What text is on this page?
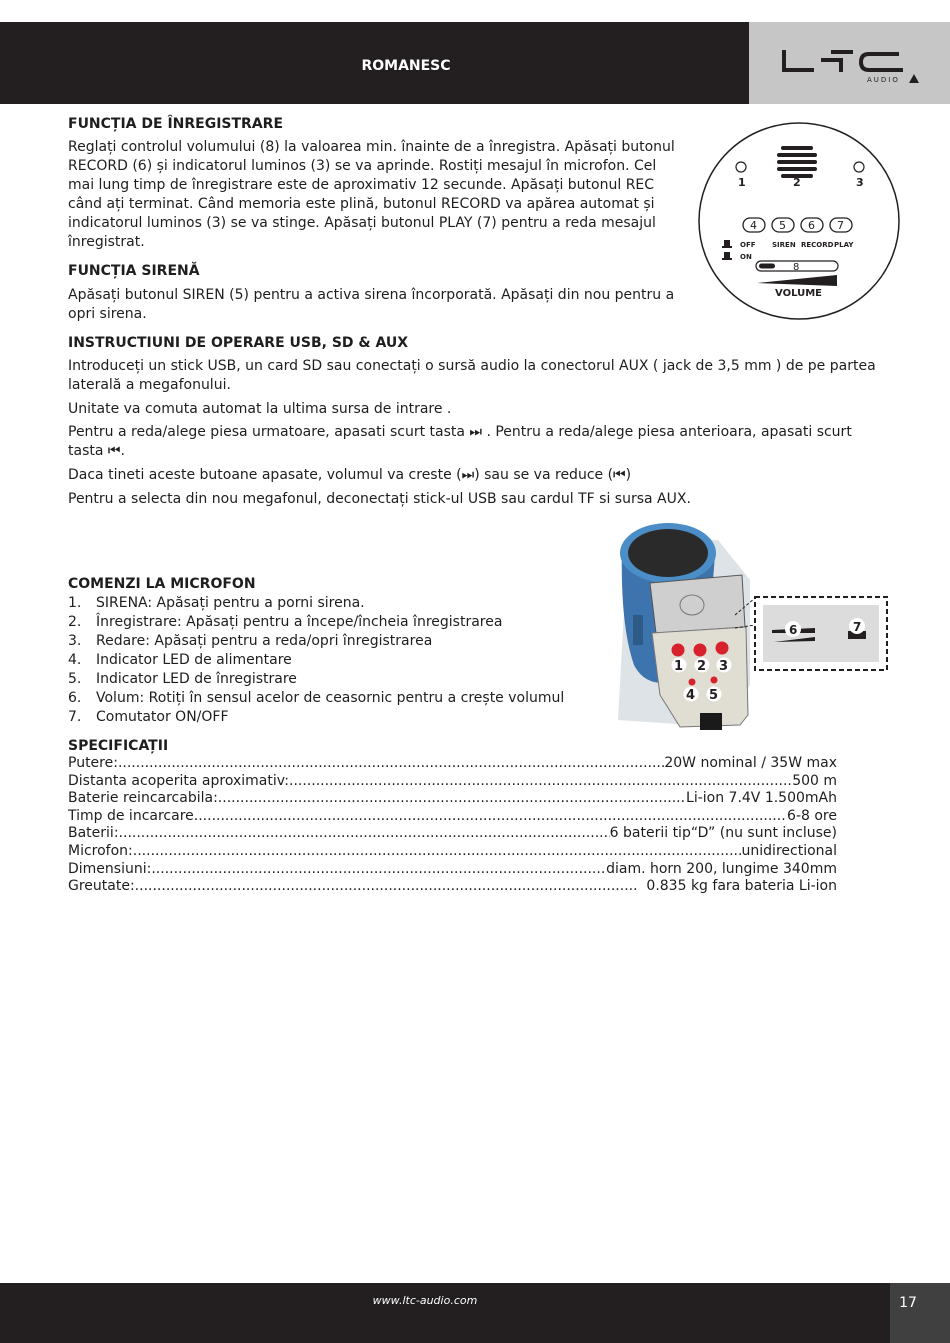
ROMANESC
AUDIO
FUNCȚIA DE ÎNREGISTRARE
Reglați controlul volumului (8) la valoarea min. înainte de a înregistra. Apăsați butonul
RECORD (6) și indicatorul luminos (3) se va aprinde. Rostiți mesajul în microfon. Cel
mai lung timp de înregistrare este de aproximativ 12 secunde. Apăsați butonul REC
când ați terminat. Când memoria este plină, butonul RECORD va apărea automat și
indicatorul luminos (3) se va stinge. Apăsați butonul PLAY (7) pentru a reda mesajul
înregistrat.
FUNCȚIA SIRENĂ
Apăsați butonul SIREN (5) pentru a activa sirena încorporată. Apăsați din nou pentru a
opri sirena.
1	2	3
4 5 6 7
OFF
ON
SIREN RECORD PLAY
8
VOLUME
INSTRUCTIUNI DE OPERARE USB, SD & AUX
Introduceți un stick USB, un card SD sau conectați o sursă audio la conectorul AUX ( jack de 3,5 mm ) de pe partea
laterală a megafonului.
Unitate va comuta automat la ultima sursa de intrare .
Pentru a reda/alege piesa urmatoare, apasati scurt tasta ⏭ . Pentru a reda/alege piesa anterioara, apasati scurt
tasta ⏮.
Daca tineti aceste butoane apasate, volumul va creste (⏭) sau se va reduce (⏮)
Pentru a selecta din nou megafonul, deconectați stick-ul USB sau cardul TF si sursa AUX.
COMENZI LA MICROFON
1.	SIRENA: Apăsați pentru a porni sirena.
2.	Înregistrare: Apăsați pentru a începe/încheia înregistrarea
3.	Redare: Apăsați pentru a reda/opri înregistrarea
4.	Indicator LED de alimentare
5.	Indicator LED de înregistrare
6.	Volum: Rotiți în sensul acelor de ceasornic pentru a crește volumul
7.	Comutator ON/OFF
1 2 3
4 5
6	7
SPECIFICAȚII
Putere: .....	20W nominal / 35W max
Distanta acoperita aproximativ: .....	500 m
Baterie reincarcabila: .....	Li-ion 7.4V 1.500mAh
Timp de incarcare .....	6-8 ore
Baterii: .....	6 baterii tip“D” (nu sunt incluse)
Microfon: .....	unidirectional
Dimensiuni: .....	diam. horn 200, lungime 340mm
Greutate: .....	0.835 kg fara bateria Li-ion
www.ltc-audio.com	17
